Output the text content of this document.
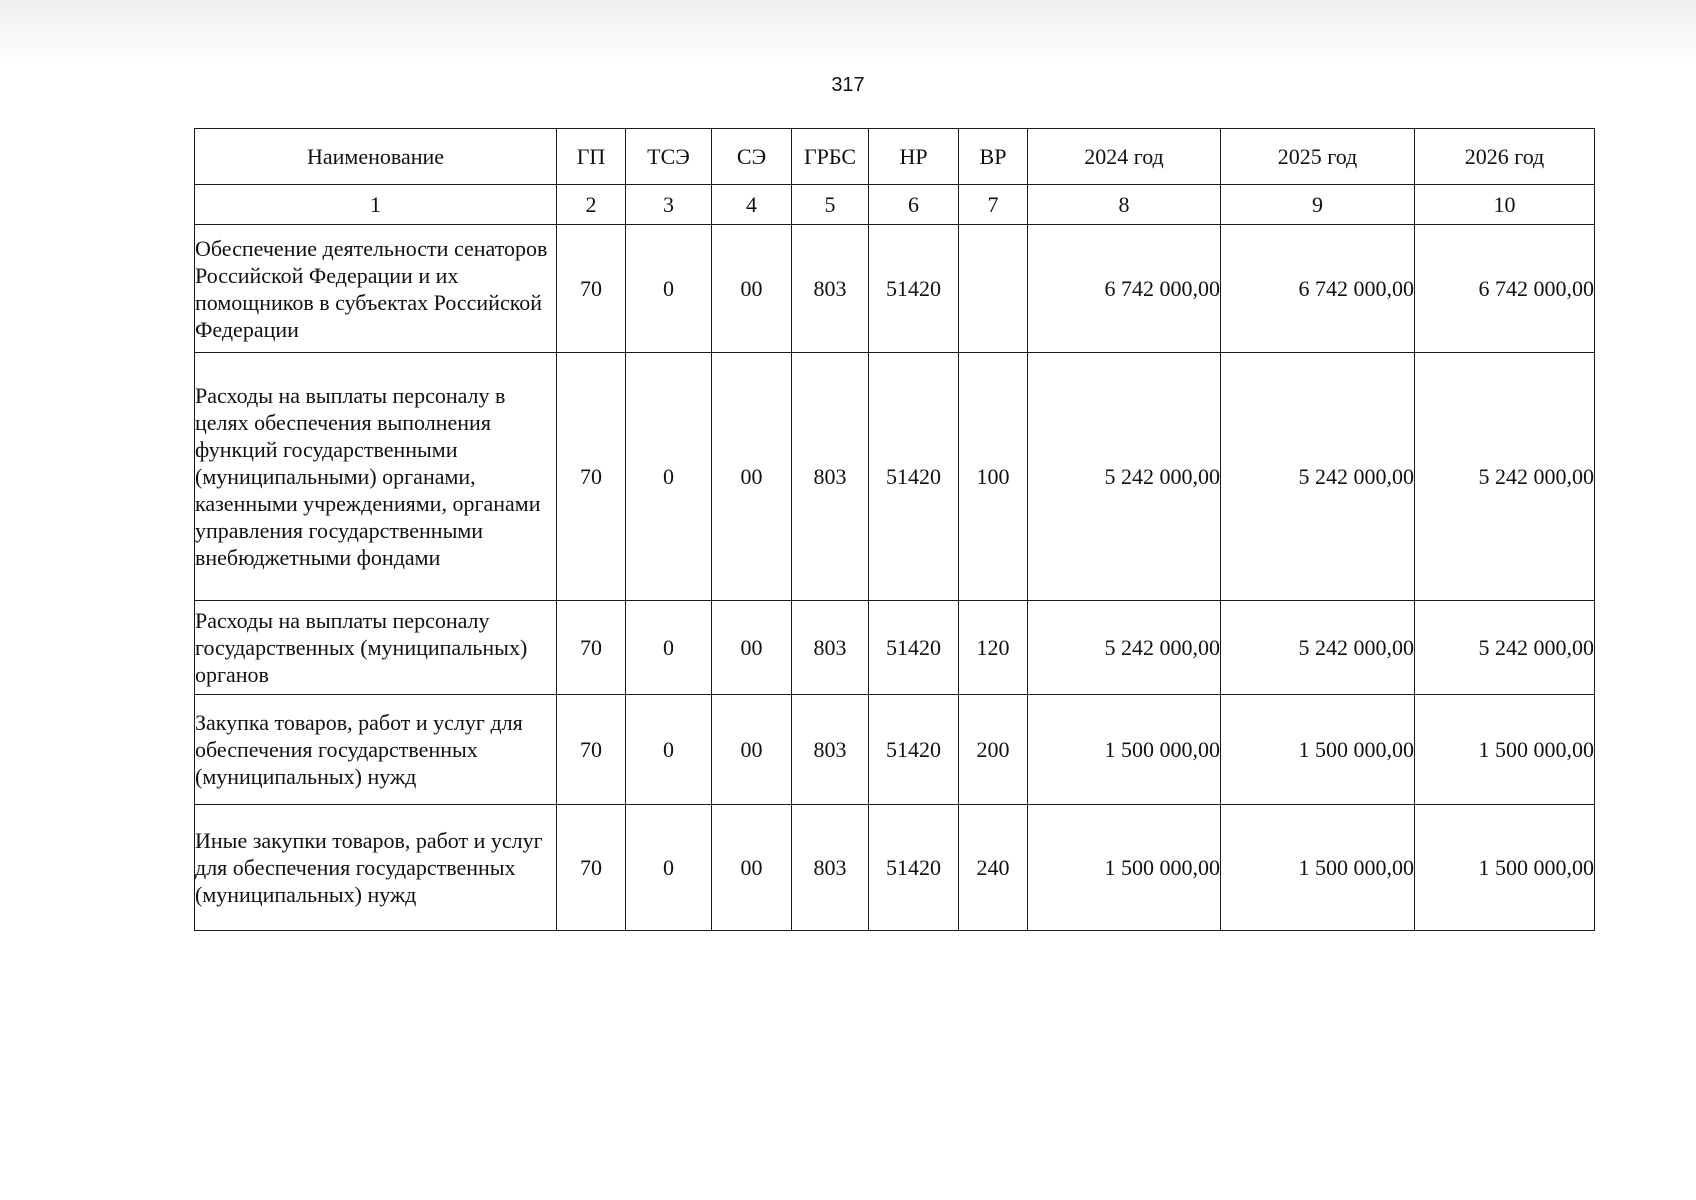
317
Наименование	ГП	ТСЭ	СЭ	ГРБС	НР	ВР	2024 год	2025 год	2026 год
1	2	3	4	5	6	7	8	9	10
Обеспечение деятельности сенаторов Российской Федерации и их помощников в субъектах Российской Федерации	70	0	00	803	51420		6 742 000,00	6 742 000,00	6 742 000,00
Расходы на выплаты персоналу в целях обеспечения выполнения функций государственными (муниципальными) органами, казенными учреждениями, органами управления государственными внебюджетными фондами	70	0	00	803	51420	100	5 242 000,00	5 242 000,00	5 242 000,00
Расходы на выплаты персоналу государственных (муниципальных) органов	70	0	00	803	51420	120	5 242 000,00	5 242 000,00	5 242 000,00
Закупка товаров, работ и услуг для обеспечения государственных (муниципальных) нужд	70	0	00	803	51420	200	1 500 000,00	1 500 000,00	1 500 000,00
Иные закупки товаров, работ и услуг для обеспечения государственных (муниципальных) нужд	70	0	00	803	51420	240	1 500 000,00	1 500 000,00	1 500 000,00
